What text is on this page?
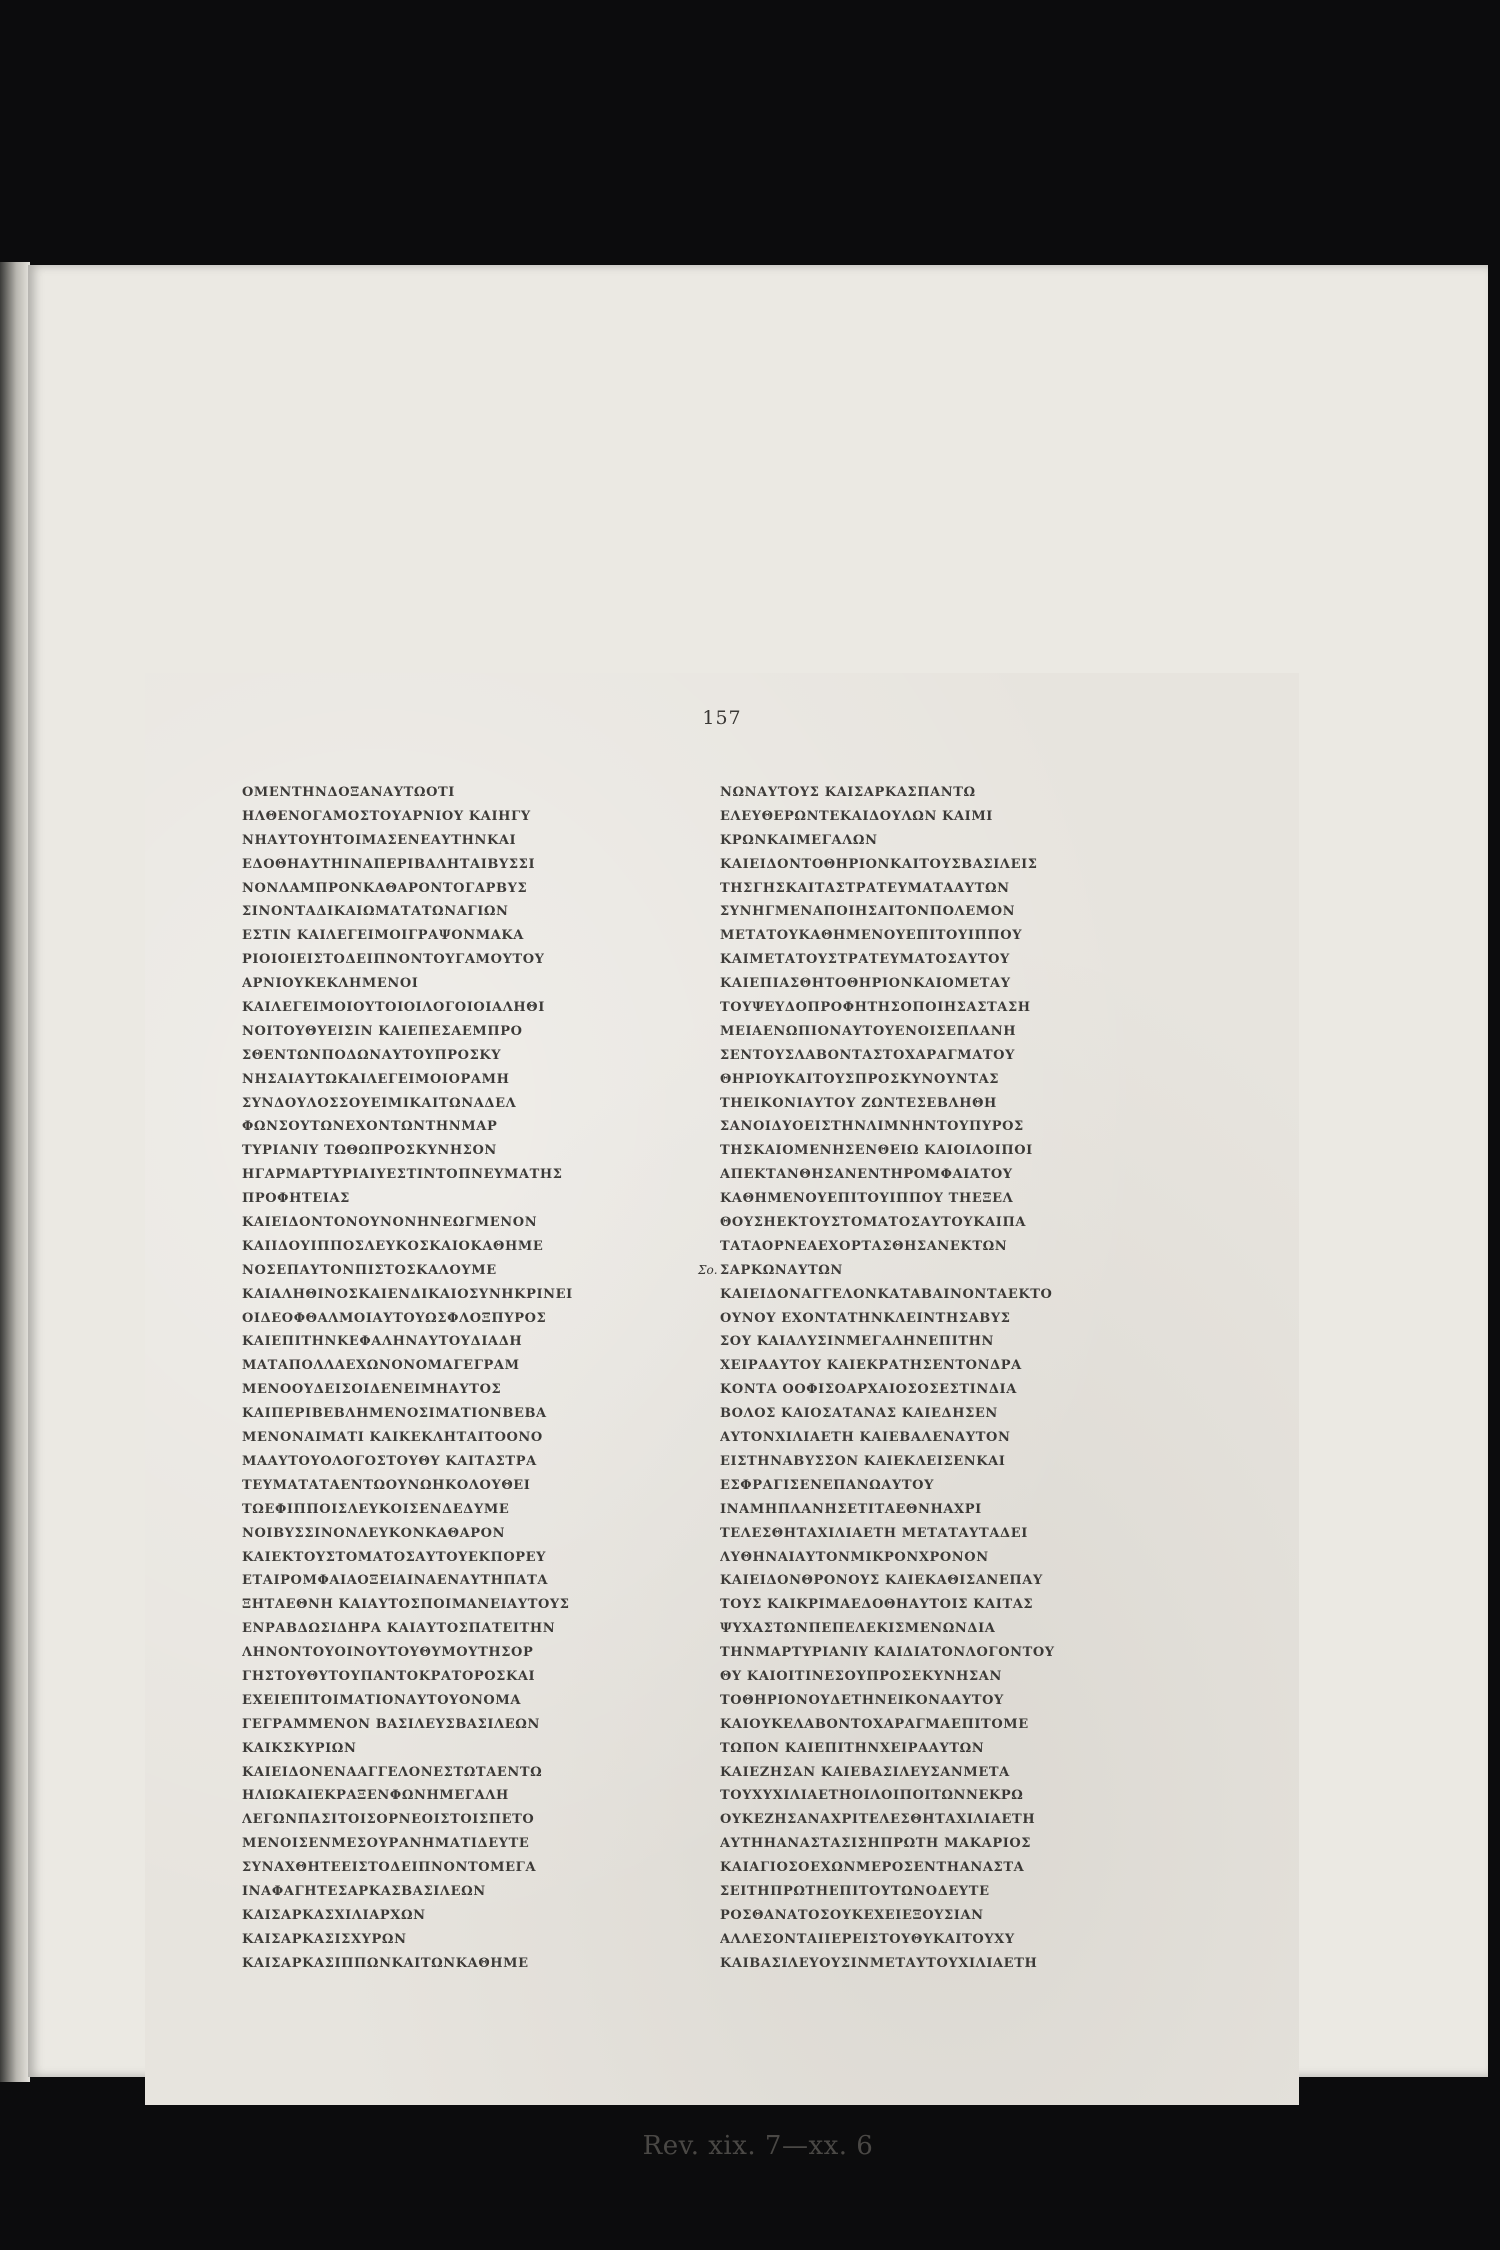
157
ΟΜΕΝΤΗΝΔΟΞΑΝΑΥΤΩΟΤΙ
ΗΛΘΕΝΟΓΑΜΟΣΤΟΥΑΡΝΙΟΥ ΚΑΙΗΓΥ
ΝΗΑΥΤΟΥΗΤΟΙΜΑΣΕΝΕΑΥΤΗΝΚΑΙ
ΕΔΟΘΗΑΥΤΗΙΝΑΠΕΡΙΒΑΛΗΤΑΙΒΥΣΣΙ
ΝΟΝΛΑΜΠΡΟΝΚΑΘΑΡΟΝΤΟΓΑΡΒΥΣ
ΣΙΝΟΝΤΑΔΙΚΑΙΩΜΑΤΑΤΩΝΑΓΙΩΝ
ΕΣΤΙΝ ΚΑΙΛΕΓΕΙΜΟΙΓΡΑΨΟΝΜΑΚΑ
ΡΙΟΙΟΙΕΙΣΤΟΔΕΙΠΝΟΝΤΟΥΓΑΜΟΥΤΟΥ
ΑΡΝΙΟΥΚΕΚΛΗΜΕΝΟΙ
ΚΑΙΛΕΓΕΙΜΟΙΟΥΤΟΙΟΙΛΟΓΟΙΟΙΑΛΗΘΙ
ΝΟΙΤΟΥΘΥΕΙΣΙΝ ΚΑΙΕΠΕΣΑΕΜΠΡΟ
ΣΘΕΝΤΩΝΠΟΔΩΝΑΥΤΟΥΠΡΟΣΚΥ
ΝΗΣΑΙΑΥΤΩΚΑΙΛΕΓΕΙΜΟΙΟΡΑΜΗ
ΣΥΝΔΟΥΛΟΣΣΟΥΕΙΜΙΚΑΙΤΩΝΑΔΕΛ
ΦΩΝΣΟΥΤΩΝΕΧΟΝΤΩΝΤΗΝΜΑΡ
ΤΥΡΙΑΝΙΥ ΤΩΘΩΠΡΟΣΚΥΝΗΣΟΝ
ΗΓΑΡΜΑΡΤΥΡΙΑΙΥΕΣΤΙΝΤΟΠΝΕΥΜΑΤΗΣ
ΠΡΟΦΗΤΕΙΑΣ
ΚΑΙΕΙΔΟΝΤΟΝΟΥΝΟΝΗΝΕΩΓΜΕΝΟΝ
ΚΑΙΙΔΟΥΙΠΠΟΣΛΕΥΚΟΣΚΑΙΟΚΑΘΗΜΕ
ΝΟΣΕΠΑΥΤΟΝΠΙΣΤΟΣΚΑΛΟΥΜΕ
ΚΑΙΑΛΗΘΙΝΟΣΚΑΙΕΝΔΙΚΑΙΟΣΥΝΗΚΡΙΝΕΙ
ΟΙΔΕΟΦΘΑΛΜΟΙΑΥΤΟΥΩΣΦΛΟΞΠΥΡΟΣ
ΚΑΙΕΠΙΤΗΝΚΕΦΑΛΗΝΑΥΤΟΥΔΙΑΔΗ
ΜΑΤΑΠΟΛΛΑΕΧΩΝΟΝΟΜΑΓΕΓΡΑΜ
ΜΕΝΟΟΥΔΕΙΣΟΙΔΕΝΕΙΜΗΑΥΤΟΣ
ΚΑΙΠΕΡΙΒΕΒΛΗΜΕΝΟΣΙΜΑΤΙΟΝΒΕΒΑ
ΜΕΝΟΝΑΙΜΑΤΙ ΚΑΙΚΕΚΛΗΤΑΙΤΟΟΝΟ
ΜΑΑΥΤΟΥΟΛΟΓΟΣΤΟΥΘΥ ΚΑΙΤΑΣΤΡΑ
ΤΕΥΜΑΤΑΤΑΕΝΤΩΟΥΝΩΗΚΟΛΟΥΘΕΙ
ΤΩΕΦΙΠΠΟΙΣΛΕΥΚΟΙΣΕΝΔΕΔΥΜΕ
ΝΟΙΒΥΣΣΙΝΟΝΛΕΥΚΟΝΚΑΘΑΡΟΝ
ΚΑΙΕΚΤΟΥΣΤΟΜΑΤΟΣΑΥΤΟΥΕΚΠΟΡΕΥ
ΕΤΑΙΡΟΜΦΑΙΑΟΞΕΙΑΙΝΑΕΝΑΥΤΗΠΑΤΑ
ΞΗΤΑΕΘΝΗ ΚΑΙΑΥΤΟΣΠΟΙΜΑΝΕΙΑΥΤΟΥΣ
ΕΝΡΑΒΔΩΣΙΔΗΡΑ ΚΑΙΑΥΤΟΣΠΑΤΕΙΤΗΝ
ΛΗΝΟΝΤΟΥΟΙΝΟΥΤΟΥΘΥΜΟΥΤΗΣΟΡ
ΓΗΣΤΟΥΘΥΤΟΥΠΑΝΤΟΚΡΑΤΟΡΟΣΚΑΙ
ΕΧΕΙΕΠΙΤΟΙΜΑΤΙΟΝΑΥΤΟΥΟΝΟΜΑ
ΓΕΓΡΑΜΜΕΝΟΝ ΒΑΣΙΛΕΥΣΒΑΣΙΛΕΩΝ
ΚΑΙΚΣΚΥΡΙΩΝ
ΚΑΙΕΙΔΟΝΕΝΑΑΓΓΕΛΟΝΕΣΤΩΤΑΕΝΤΩ
ΗΛΙΩΚΑΙΕΚΡΑΞΕΝΦΩΝΗΜΕΓΑΛΗ
ΛΕΓΩΝΠΑΣΙΤΟΙΣΟΡΝΕΟΙΣΤΟΙΣΠΕΤΟ
ΜΕΝΟΙΣΕΝΜΕΣΟΥΡΑΝΗΜΑΤΙΔΕΥΤΕ
ΣΥΝΑΧΘΗΤΕΕΙΣΤΟΔΕΙΠΝΟΝΤΟΜΕΓΑ
ΙΝΑΦΑΓΗΤΕΣΑΡΚΑΣΒΑΣΙΛΕΩΝ
ΚΑΙΣΑΡΚΑΣΧΙΛΙΑΡΧΩΝ
ΚΑΙΣΑΡΚΑΣΙΣΧΥΡΩΝ
ΚΑΙΣΑΡΚΑΣΙΠΠΩΝΚΑΙΤΩΝΚΑΘΗΜΕ
Σο.
ΝΩΝΑΥΤΟΥΣ ΚΑΙΣΑΡΚΑΣΠΑΝΤΩ
ΕΛΕΥΘΕΡΩΝΤΕΚΑΙΔΟΥΛΩΝ ΚΑΙΜΙ
ΚΡΩΝΚΑΙΜΕΓΑΛΩΝ
ΚΑΙΕΙΔΟΝΤΟΘΗΡΙΟΝΚΑΙΤΟΥΣΒΑΣΙΛΕΙΣ
ΤΗΣΓΗΣΚΑΙΤΑΣΤΡΑΤΕΥΜΑΤΑΑΥΤΩΝ
ΣΥΝΗΓΜΕΝΑΠΟΙΗΣΑΙΤΟΝΠΟΛΕΜΟΝ
ΜΕΤΑΤΟΥΚΑΘΗΜΕΝΟΥΕΠΙΤΟΥΙΠΠΟΥ
ΚΑΙΜΕΤΑΤΟΥΣΤΡΑΤΕΥΜΑΤΟΣΑΥΤΟΥ
ΚΑΙΕΠΙΑΣΘΗΤΟΘΗΡΙΟΝΚΑΙΟΜΕΤΑΥ
ΤΟΥΨΕΥΔΟΠΡΟΦΗΤΗΣΟΠΟΙΗΣΑΣΤΑΣΗ
ΜΕΙΑΕΝΩΠΙΟΝΑΥΤΟΥΕΝΟΙΣΕΠΛΑΝΗ
ΣΕΝΤΟΥΣΛΑΒΟΝΤΑΣΤΟΧΑΡΑΓΜΑΤΟΥ
ΘΗΡΙΟΥΚΑΙΤΟΥΣΠΡΟΣΚΥΝΟΥΝΤΑΣ
ΤΗΕΙΚΟΝΙΑΥΤΟΥ ΖΩΝΤΕΣΕΒΛΗΘΗ
ΣΑΝΟΙΔΥΟΕΙΣΤΗΝΛΙΜΝΗΝΤΟΥΠΥΡΟΣ
ΤΗΣΚΑΙΟΜΕΝΗΣΕΝΘΕΙΩ ΚΑΙΟΙΛΟΙΠΟΙ
ΑΠΕΚΤΑΝΘΗΣΑΝΕΝΤΗΡΟΜΦΑΙΑΤΟΥ
ΚΑΘΗΜΕΝΟΥΕΠΙΤΟΥΙΠΠΟΥ ΤΗΕΞΕΛ
ΘΟΥΣΗΕΚΤΟΥΣΤΟΜΑΤΟΣΑΥΤΟΥΚΑΙΠΑ
ΤΑΤΑΟΡΝΕΑΕΧΟΡΤΑΣΘΗΣΑΝΕΚΤΩΝ
ΣΑΡΚΩΝΑΥΤΩΝ
ΚΑΙΕΙΔΟΝΑΓΓΕΛΟΝΚΑΤΑΒΑΙΝΟΝΤΑΕΚΤΟ
ΟΥΝΟΥ ΕΧΟΝΤΑΤΗΝΚΛΕΙΝΤΗΣΑΒΥΣ
ΣΟΥ ΚΑΙΑΛΥΣΙΝΜΕΓΑΛΗΝΕΠΙΤΗΝ
ΧΕΙΡΑΑΥΤΟΥ ΚΑΙΕΚΡΑΤΗΣΕΝΤΟΝΔΡΑ
ΚΟΝΤΑ ΟΟΦΙΣΟΑΡΧΑΙΟΣΟΣΕΣΤΙΝΔΙΑ
ΒΟΛΟΣ ΚΑΙΟΣΑΤΑΝΑΣ ΚΑΙΕΔΗΣΕΝ
ΑΥΤΟΝΧΙΛΙΑΕΤΗ ΚΑΙΕΒΑΛΕΝΑΥΤΟΝ
ΕΙΣΤΗΝΑΒΥΣΣΟΝ ΚΑΙΕΚΛΕΙΣΕΝΚΑΙ
ΕΣΦΡΑΓΙΣΕΝΕΠΑΝΩΑΥΤΟΥ
ΙΝΑΜΗΠΛΑΝΗΣΕΤΙΤΑΕΘΝΗΑΧΡΙ
ΤΕΛΕΣΘΗΤΑΧΙΛΙΑΕΤΗ ΜΕΤΑΤΑΥΤΑΔΕΙ
ΛΥΘΗΝΑΙΑΥΤΟΝΜΙΚΡΟΝΧΡΟΝΟΝ
ΚΑΙΕΙΔΟΝΘΡΟΝΟΥΣ ΚΑΙΕΚΑΘΙΣΑΝΕΠΑΥ
ΤΟΥΣ ΚΑΙΚΡΙΜΑΕΔΟΘΗΑΥΤΟΙΣ ΚΑΙΤΑΣ
ΨΥΧΑΣΤΩΝΠΕΠΕΛΕΚΙΣΜΕΝΩΝΔΙΑ
ΤΗΝΜΑΡΤΥΡΙΑΝΙΥ ΚΑΙΔΙΑΤΟΝΛΟΓΟΝΤΟΥ
ΘΥ ΚΑΙΟΙΤΙΝΕΣΟΥΠΡΟΣΕΚΥΝΗΣΑΝ
ΤΟΘΗΡΙΟΝΟΥΔΕΤΗΝΕΙΚΟΝΑΑΥΤΟΥ
ΚΑΙΟΥΚΕΛΑΒΟΝΤΟΧΑΡΑΓΜΑΕΠΙΤΟΜΕ
ΤΩΠΟΝ ΚΑΙΕΠΙΤΗΝΧΕΙΡΑΑΥΤΩΝ
ΚΑΙΕΖΗΣΑΝ ΚΑΙΕΒΑΣΙΛΕΥΣΑΝΜΕΤΑ
ΤΟΥΧΥΧΙΛΙΑΕΤΗΟΙΛΟΙΠΟΙΤΩΝΝΕΚΡΩ
ΟΥΚΕΖΗΣΑΝΑΧΡΙΤΕΛΕΣΘΗΤΑΧΙΛΙΑΕΤΗ
ΑΥΤΗΗΑΝΑΣΤΑΣΙΣΗΠΡΩΤΗ ΜΑΚΑΡΙΟΣ
ΚΑΙΑΓΙΟΣΟΕΧΩΝΜΕΡΟΣΕΝΤΗΑΝΑΣΤΑ
ΣΕΙΤΗΠΡΩΤΗΕΠΙΤΟΥΤΩΝΟΔΕΥΤΕ
ΡΟΣΘΑΝΑΤΟΣΟΥΚΕΧΕΙΕΞΟΥΣΙΑΝ
ΑΛΛΕΣΟΝΤΑΙΙΕΡΕΙΣΤΟΥΘΥΚΑΙΤΟΥΧΥ
ΚΑΙΒΑΣΙΛΕΥΟΥΣΙΝΜΕΤΑΥΤΟΥΧΙΛΙΑΕΤΗ
Rev. xix. 7—xx. 6
